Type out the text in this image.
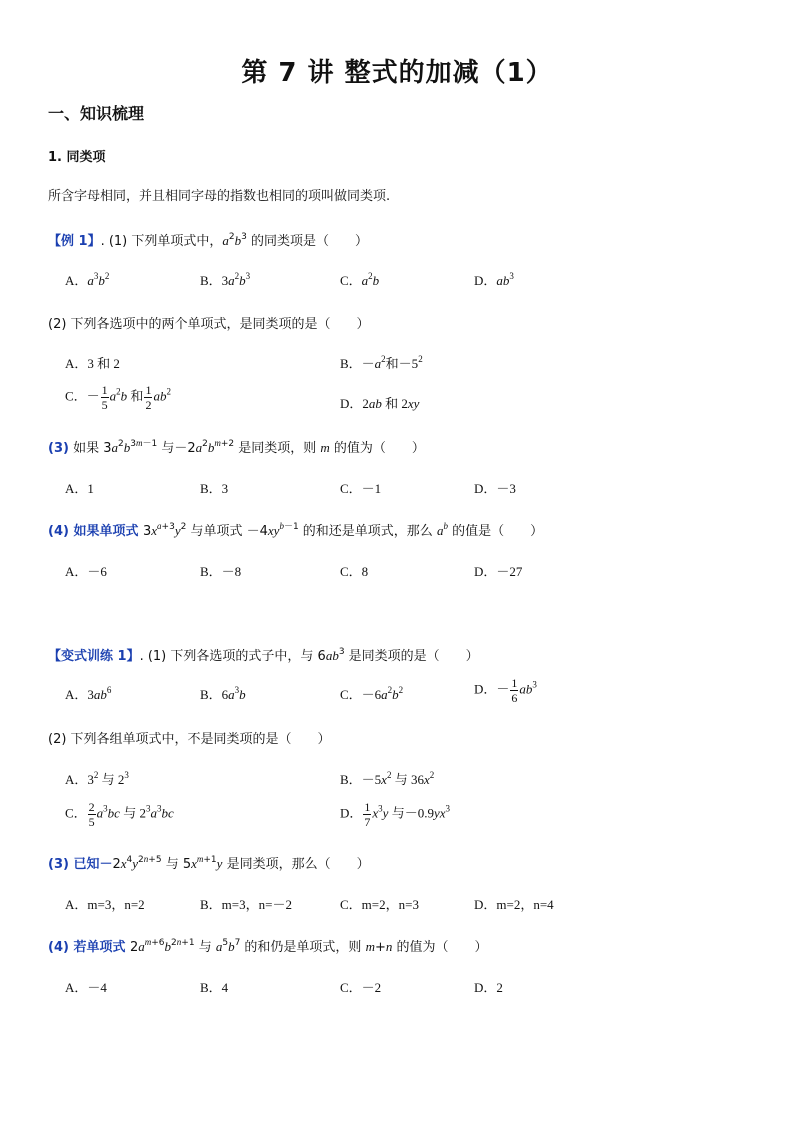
第 7 讲 整式的加减（1）
一、知识梳理
1. 同类项
所含字母相同，并且相同字母的指数也相同的项叫做同类项.
【例 1】. (1) 下列单项式中，$a^2b^3$ 的同类项是（　　）
A．$a^3b^2$	B．$3a^2b^3$	C．$a^2b$	D．$ab^3$
(2) 下列各选项中的两个单项式，是同类项的是（　　）
A．3 和 2	B．$-a^2$和$-5^2$
C．－ $\frac{1}{5} a^2b$ 和 $\frac{1}{2} ab^2$
D．2ab 和 2xy
(3) 如果 $3a^2b^{3m-1}$ 与$-2a^2b^{m+2}$ 是同类项，则 m 的值为（　　）
A．1	B．3	C．－1	D．－3
(4) 如果单项式 $3x^{a+3}y^2$ 与单项式 $-4xy^{b-1}$ 的和还是单项式，那么 $a^b$ 的值是（　　）
A．－6	B．－8	C．8	D．－27
【变式训练 1】. (1) 下列各选项的式子中，与 $6ab^3$ 是同类项的是（　　）
A．$3ab^6$	B．$6a^3b$	C．$-6a^2b^2$	D．－ $\frac{1}{6} ab^3$
(2) 下列各组单项式中，不是同类项的是（　　）
A．$3^2$ 与 $2^3$	B．$-5x^2$ 与 $36x^2$
C． $\frac{2}{5} a^3bc$ 与 $2^3a^3bc$	D． $\frac{1}{7} x^3y$ 与$-0.9yx^3$
(3) 已知$-2x^4y^{2n+5}$ 与 $5x^{m+1}y$ 是同类项，那么（　　）
A．m=3，n=2	B．m=3，n=－2	C．m=2，n=3	D．m=2，n=4
(4) 若单项式 $2a^{m+6}b^{2n+1}$ 与 $a^5b^7$ 的和仍是单项式，则 m+n 的值为（　　）
A．－4	B．4	C．－2	D．2
